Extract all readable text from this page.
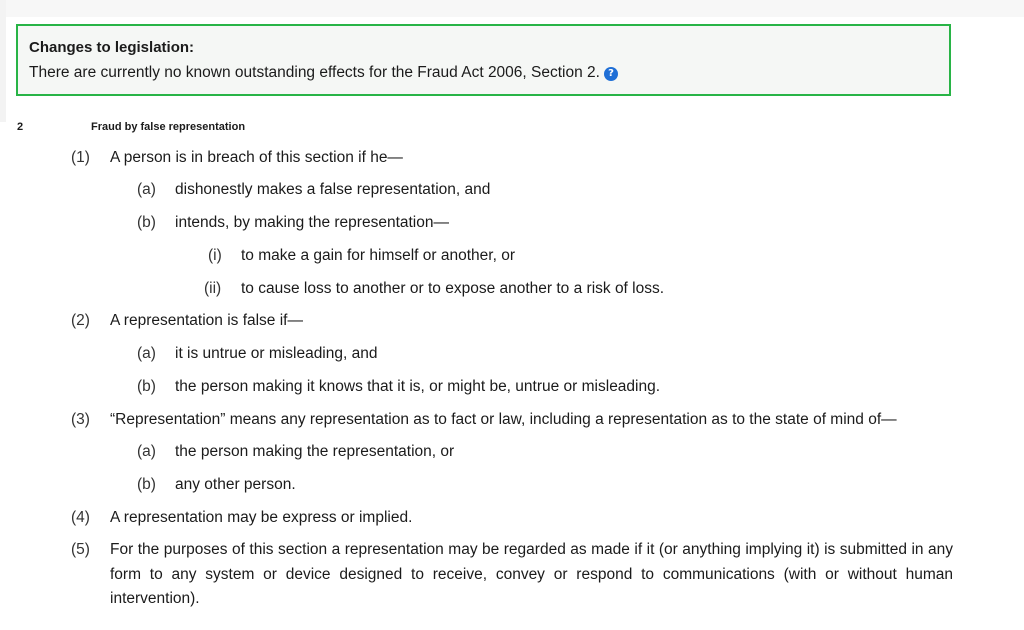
Changes to legislation:
There are currently no known outstanding effects for the Fraud Act 2006, Section 2. ?
2	Fraud by false representation
(1) A person is in breach of this section if he—
(a) dishonestly makes a false representation, and
(b) intends, by making the representation—
(i) to make a gain for himself or another, or
(ii) to cause loss to another or to expose another to a risk of loss.
(2) A representation is false if—
(a) it is untrue or misleading, and
(b) the person making it knows that it is, or might be, untrue or misleading.
(3) “Representation” means any representation as to fact or law, including a representation as to the state of mind of—
(a) the person making the representation, or
(b) any other person.
(4) A representation may be express or implied.
(5) For the purposes of this section a representation may be regarded as made if it (or anything implying it) is submitted in any form to any system or device designed to receive, convey or respond to communications (with or without human intervention).
